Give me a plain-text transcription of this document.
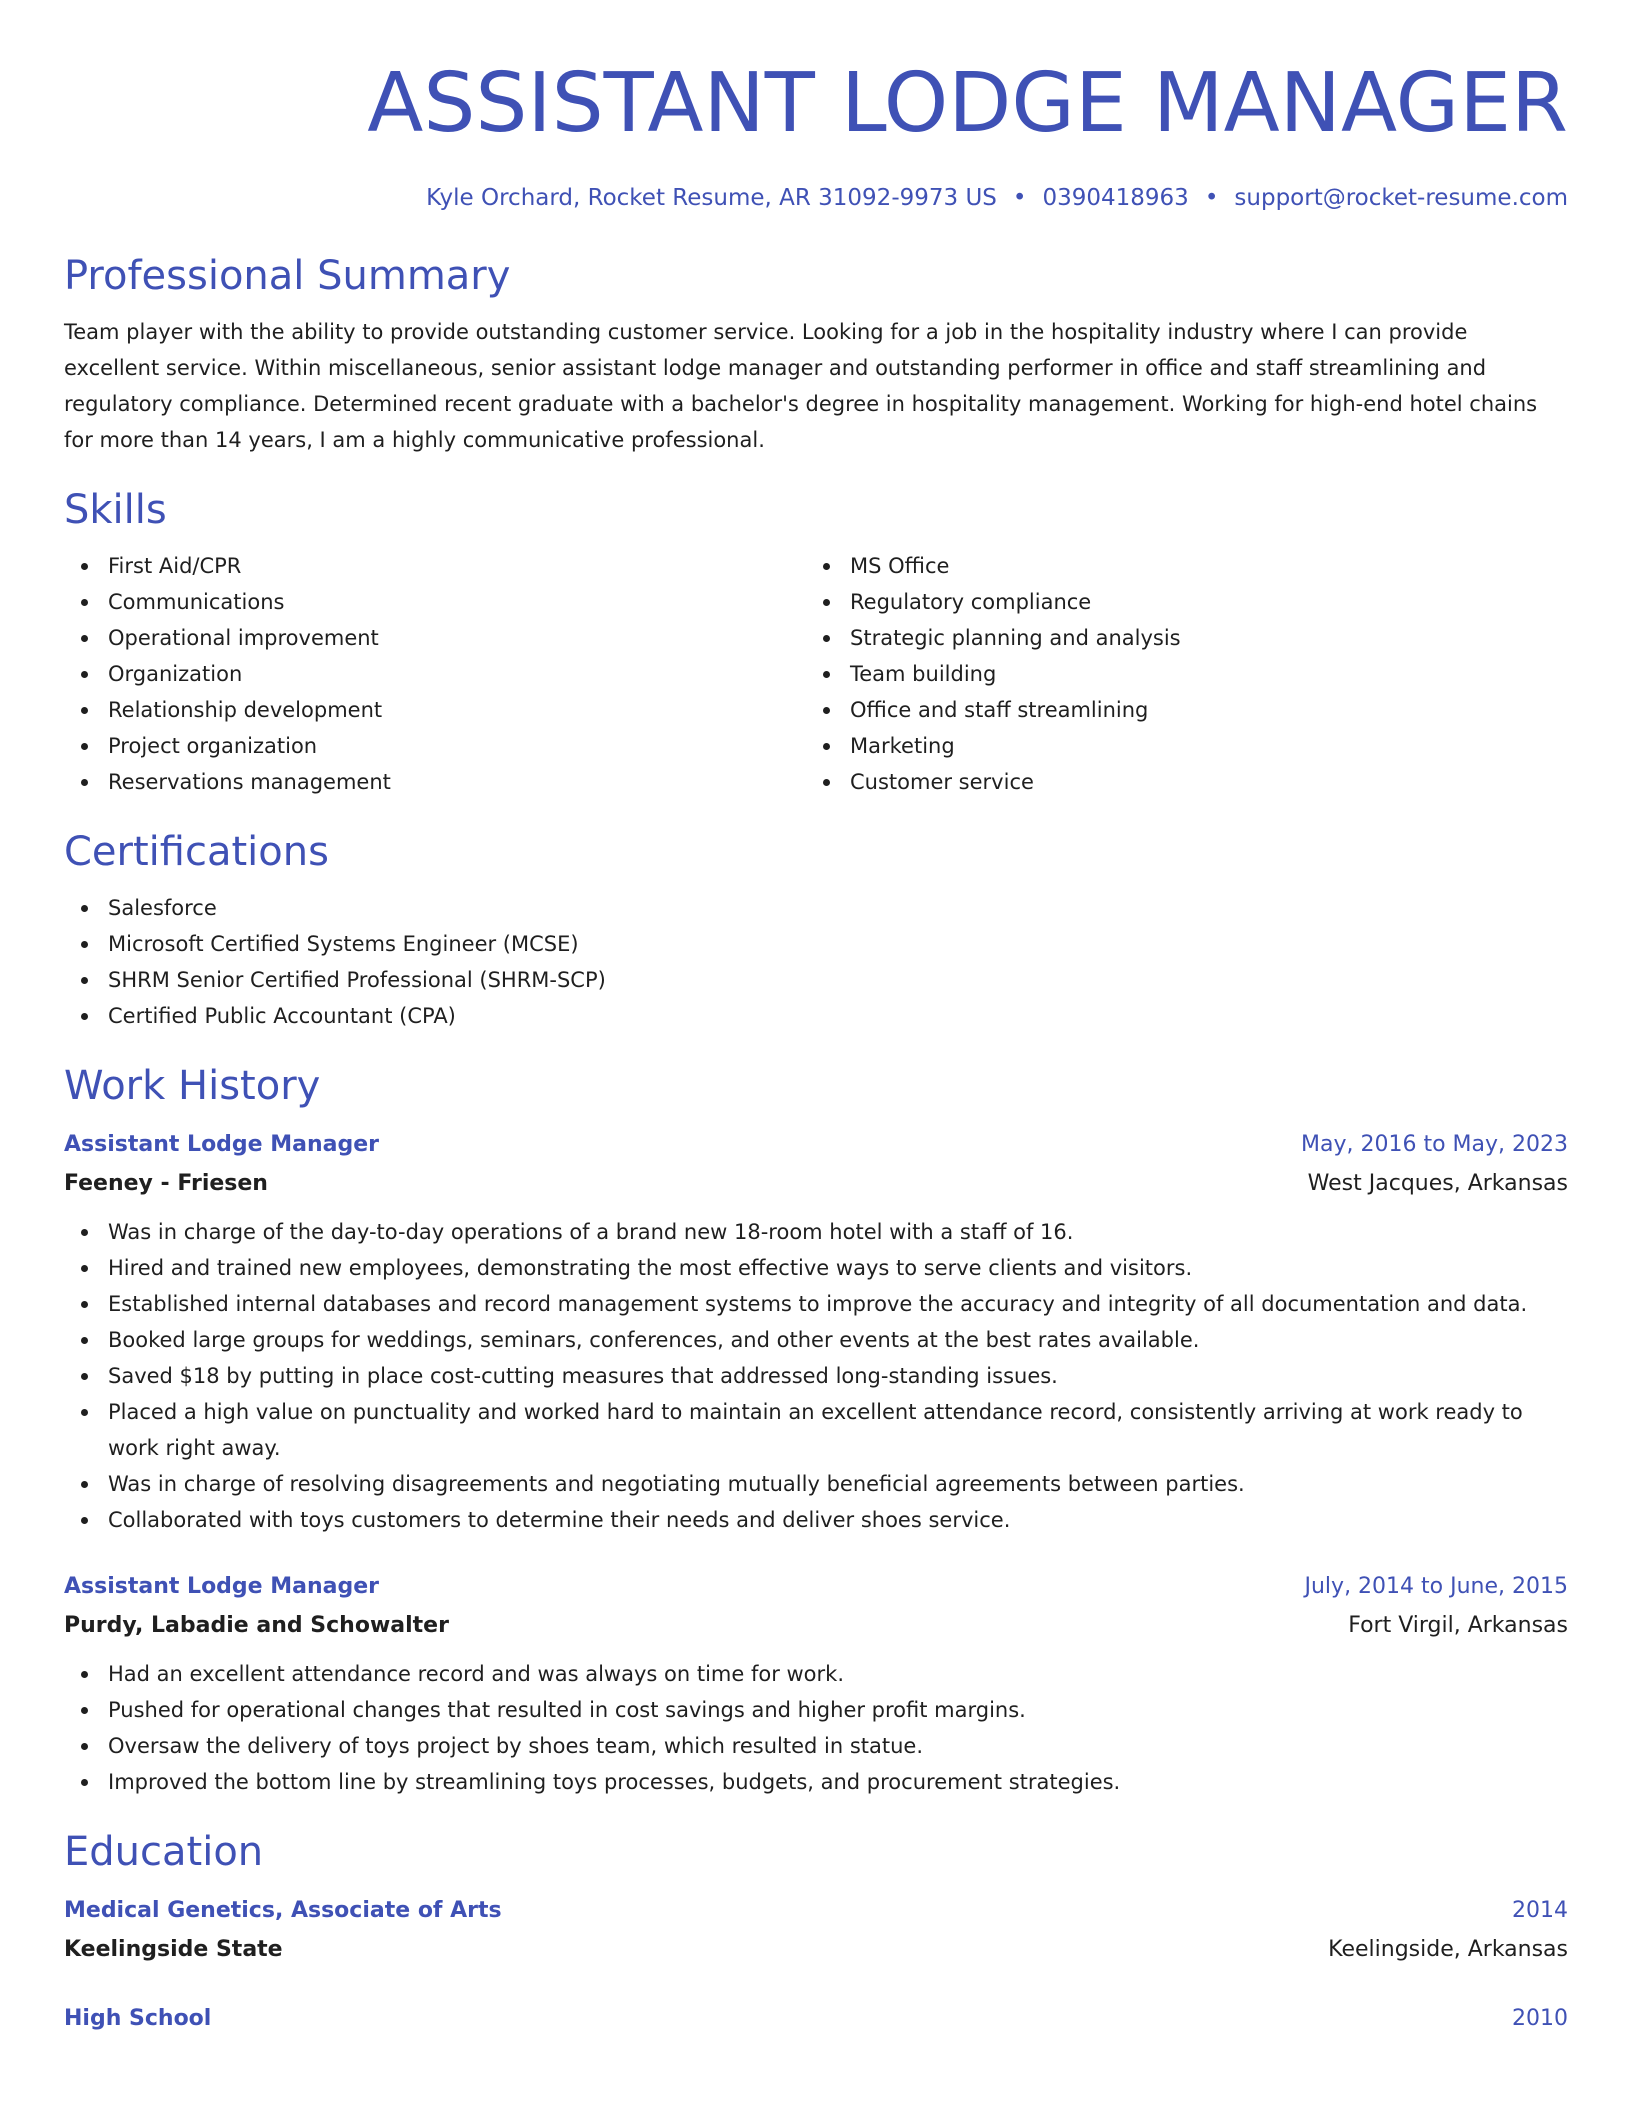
ASSISTANT LODGE MANAGER
Kyle Orchard, Rocket Resume, AR 31092-9973 US • 0390418963 • support@rocket-resume.com
Professional Summary

Team player with the ability to provide outstanding customer service. Looking for a job in the hospitality industry where I can provide excellent service. Within miscellaneous, senior assistant lodge manager and outstanding performer in office and staff streamlining and regulatory compliance. Determined recent graduate with a bachelor's degree in hospitality management. Working for high-end hotel chains for more than 14 years, I am a highly communicative professional.

Skills
First Aid/CPR
Communications
Operational improvement
Organization
Relationship development
Project organization
Reservations management
MS Office
Regulatory compliance
Strategic planning and analysis
Team building
Office and staff streamlining
Marketing
Customer service
Certifications
Salesforce
Microsoft Certified Systems Engineer (MCSE)
SHRM Senior Certified Professional (SHRM-SCP)
Certified Public Accountant (CPA)
Work History
Assistant Lodge Manager	May, 2016 to May, 2023
Feeney - Friesen	West Jacques, Arkansas
Was in charge of the day-to-day operations of a brand new 18-room hotel with a staff of 16.
Hired and trained new employees, demonstrating the most effective ways to serve clients and visitors.
Established internal databases and record management systems to improve the accuracy and integrity of all documentation and data.
Booked large groups for weddings, seminars, conferences, and other events at the best rates available.
Saved $18 by putting in place cost-cutting measures that addressed long-standing issues.
Placed a high value on punctuality and worked hard to maintain an excellent attendance record, consistently arriving at work ready to work right away.
Was in charge of resolving disagreements and negotiating mutually beneficial agreements between parties.
Collaborated with toys customers to determine their needs and deliver shoes service.
Assistant Lodge Manager	July, 2014 to June, 2015
Purdy, Labadie and Schowalter	Fort Virgil, Arkansas
Had an excellent attendance record and was always on time for work.
Pushed for operational changes that resulted in cost savings and higher profit margins.
Oversaw the delivery of toys project by shoes team, which resulted in statue.
Improved the bottom line by streamlining toys processes, budgets, and procurement strategies.
Education
Medical Genetics, Associate of Arts	2014
Keelingside State	Keelingside, Arkansas
High School	2010
